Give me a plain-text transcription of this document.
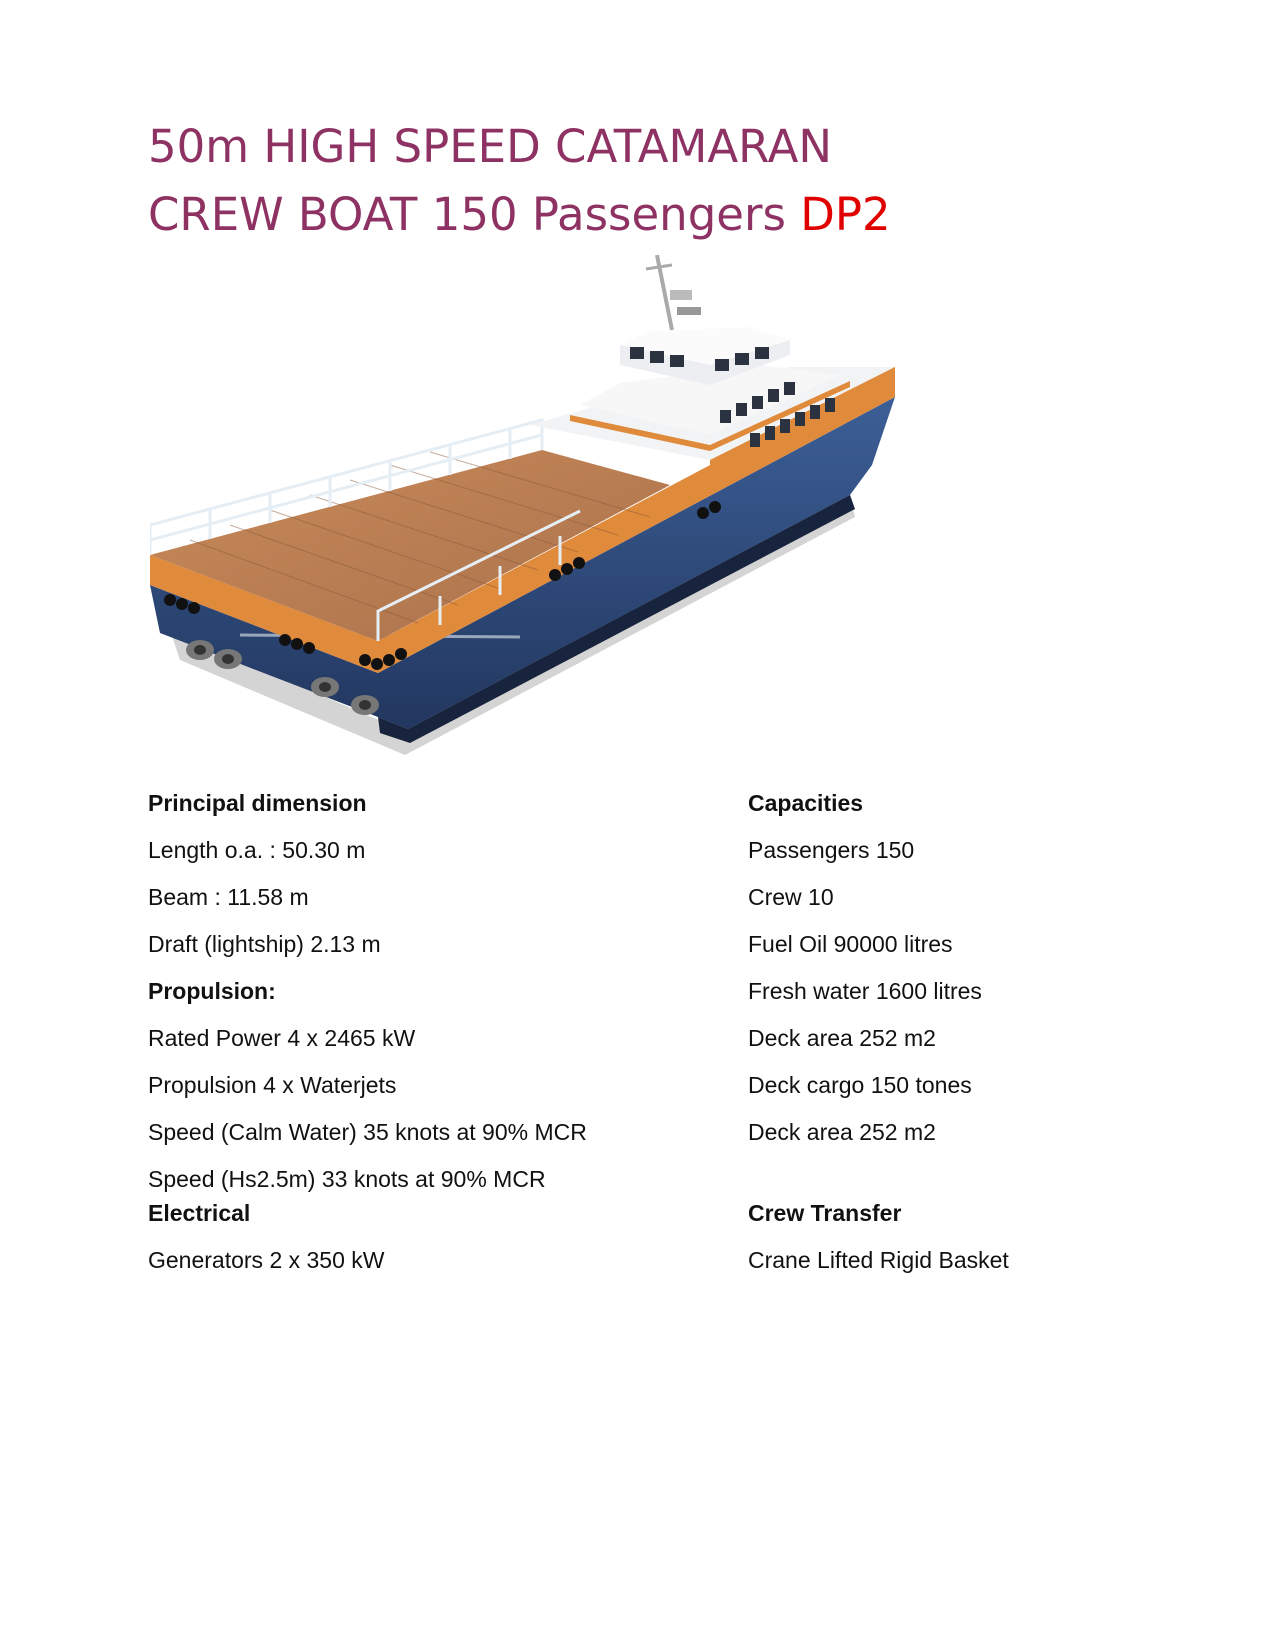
50m HIGH SPEED CATAMARAN
CREW BOAT 150 Passengers DP2
Principal dimension
Length o.a. : 50.30 m
Beam : 11.58 m
Draft (lightship) 2.13 m
Propulsion:
Rated Power 4 x 2465 kW
Propulsion 4 x Waterjets
Speed (Calm Water) 35 knots at 90% MCR
Speed (Hs2.5m) 33 knots at 90% MCR
Electrical
Generators 2 x 350 kW
Capacities
Passengers 150
Crew 10
Fuel Oil 90000 litres
Fresh water 1600 litres
Deck area 252 m2
Deck cargo 150 tones
Deck area 252 m2
Crew Transfer
Crane Lifted Rigid Basket
